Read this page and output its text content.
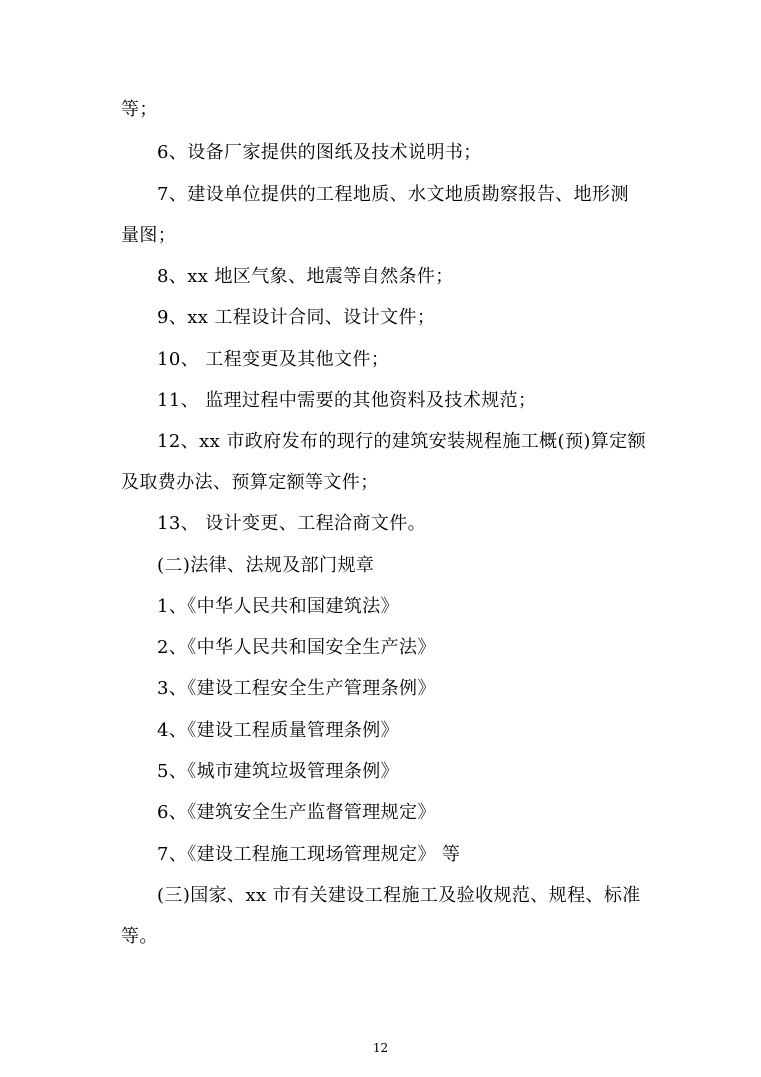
等；
6、设备厂家提供的图纸及技术说明书；
7、建设单位提供的工程地质、水文地质勘察报告、地形测
量图；
8、xx 地区气象、地震等自然条件；
9、xx 工程设计合同、设计文件；
10、 工程变更及其他文件；
11、 监理过程中需要的其他资料及技术规范；
12、xx 市政府发布的现行的建筑安装规程施工概(预)算定额
及取费办法、预算定额等文件；
13、 设计变更、工程洽商文件。
(二)法律、法规及部门规章
1、《中华人民共和国建筑法》
2、《中华人民共和国安全生产法》
3、《建设工程安全生产管理条例》
4、《建设工程质量管理条例》
5、《城市建筑垃圾管理条例》
6、《建筑安全生产监督管理规定》
7、《建设工程施工现场管理规定》 等
(三)国家、xx 市有关建设工程施工及验收规范、规程、标准
等。
12
